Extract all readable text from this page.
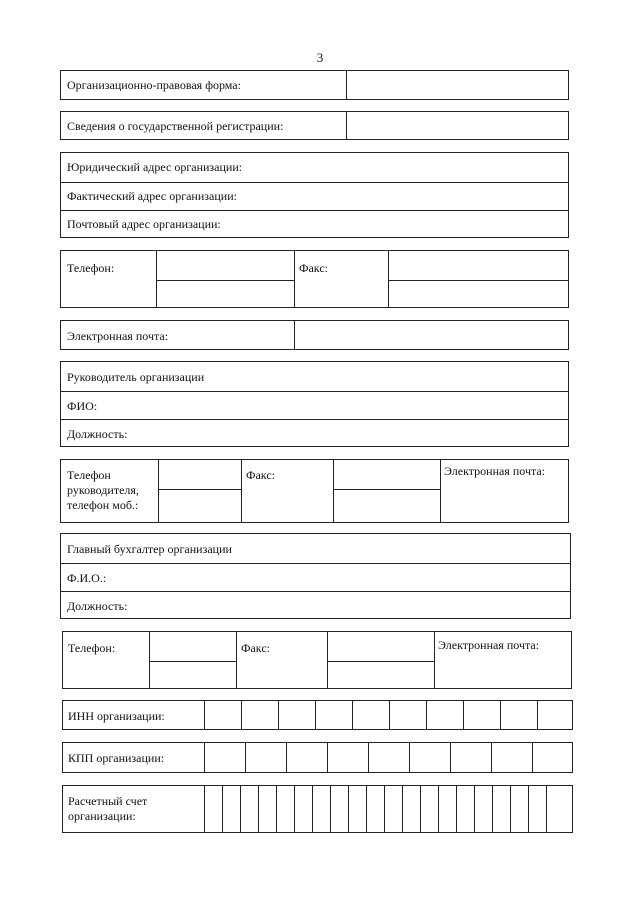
3
Организационно-правовая форма:
Сведения о государственной регистрации:
Юридический адрес организации:
Фактический адрес организации:
Почтовый адрес организации:
Телефон:	Факс:
Электронная почта:
Руководитель организации
ФИО:
Должность:
Телефон
руководителя,
телефон моб.:
Факс:	Электронная почта:
Главный бухгалтер организации
Ф.И.О.:
Должность:
Телефон:	Факс:	Электронная почта:
ИНН организации:
КПП организации:
Расчетный счет
организации:
